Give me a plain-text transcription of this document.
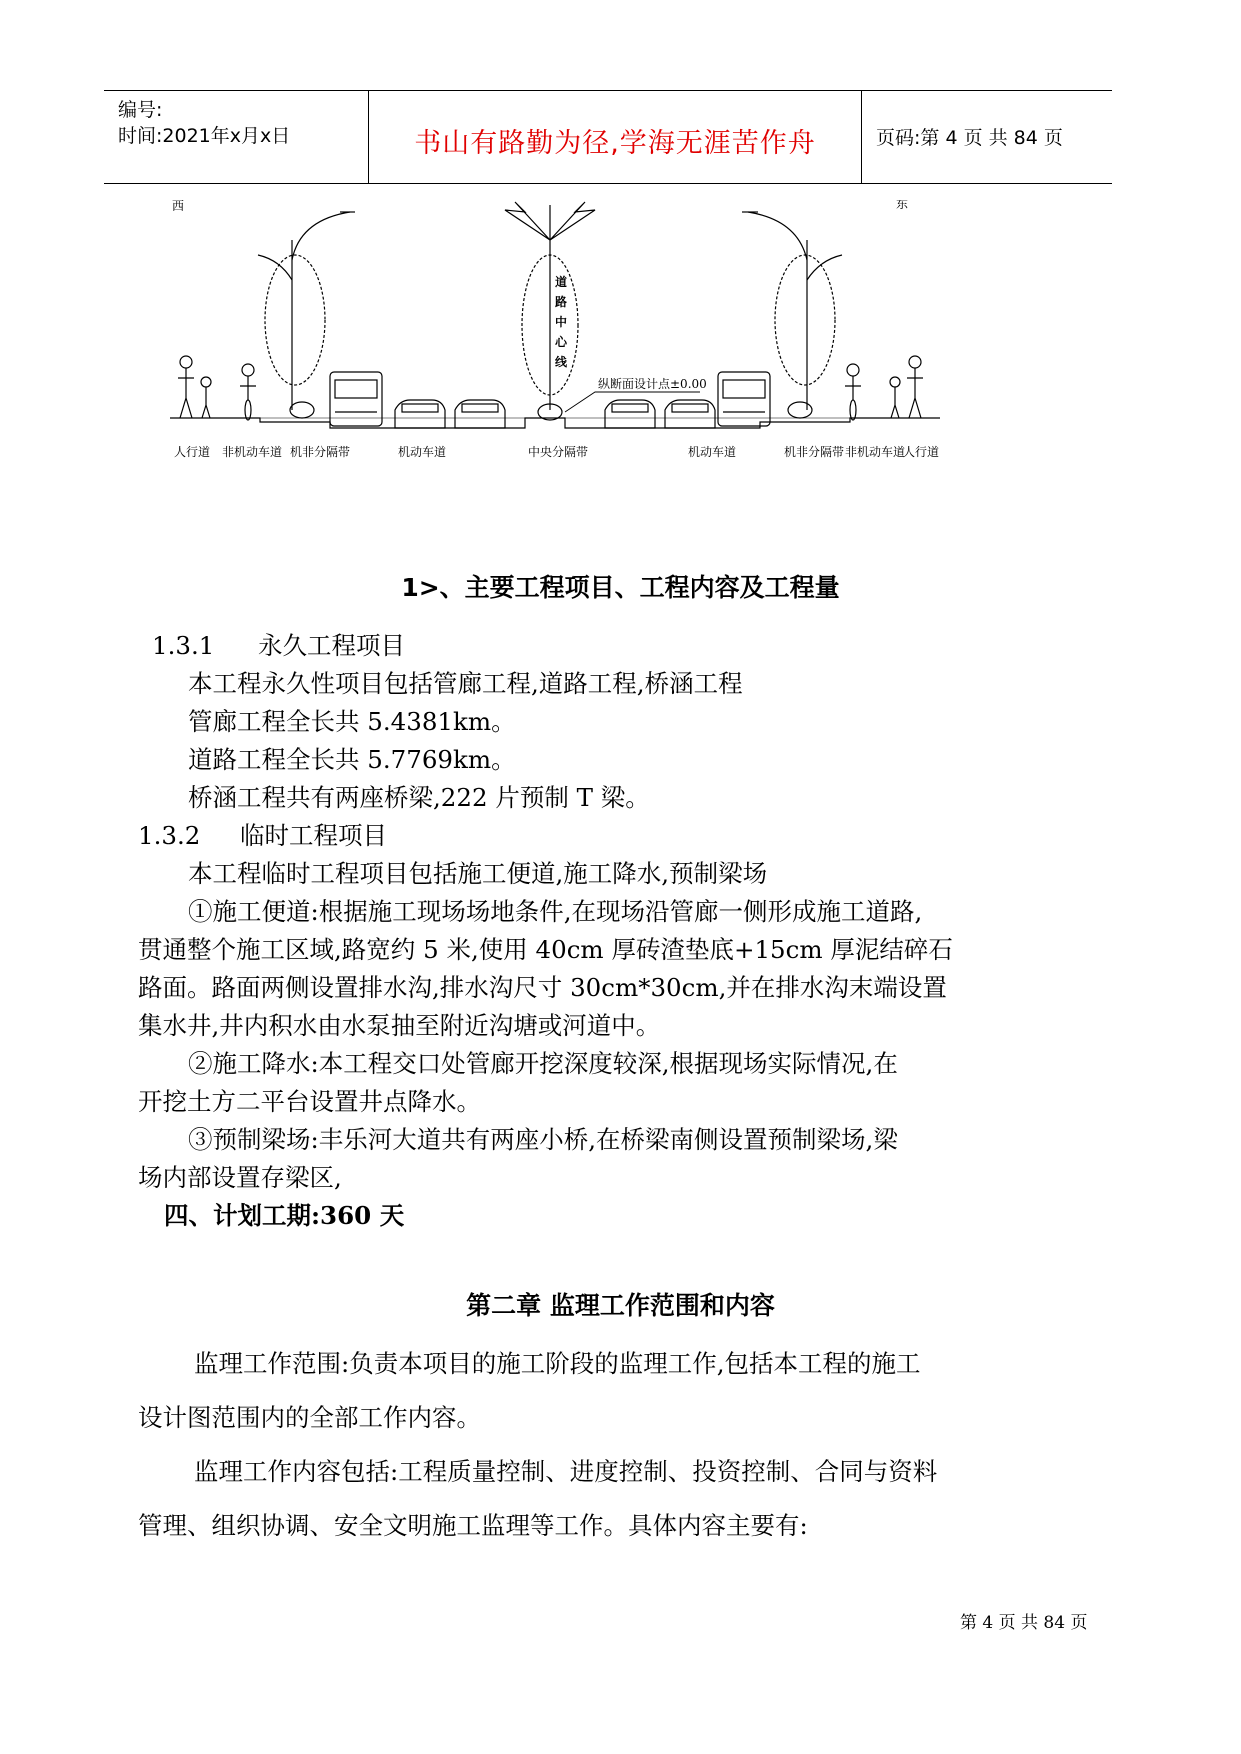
编号:
时间:2021年x月x日	书山有路勤为径,学海无涯苦作舟	页码:第 4 页 共 84 页
西	东
道
路
中
心
线
纵断面设计点±0.00
人行道 非机动车道 机非分隔带	机动车道	中央分隔带	机动车道	机非分隔带 非机动车道
人行道
1>、主要工程项目、工程内容及工程量
1.3.1 永久工程项目
本工程永久性项目包括管廊工程,道路工程,桥涵工程
管廊工程全长共 5.4381km。
道路工程全长共 5.7769km。
桥涵工程共有两座桥梁,222 片预制 T 梁。
1.3.2 临时工程项目
本工程临时工程项目包括施工便道,施工降水,预制梁场
①施工便道:根据施工现场场地条件,在现场沿管廊一侧形成施工道路,
贯通整个施工区域,路宽约 5 米,使用 40cm 厚砖渣垫底+15cm 厚泥结碎石
路面。路面两侧设置排水沟,排水沟尺寸 30cm*30cm,并在排水沟末端设置
集水井,井内积水由水泵抽至附近沟塘或河道中。
②施工降水:本工程交口处管廊开挖深度较深,根据现场实际情况,在
开挖土方二平台设置井点降水。
③预制梁场:丰乐河大道共有两座小桥,在桥梁南侧设置预制梁场,梁
场内部设置存梁区,
四、计划工期:360 天
第二章 监理工作范围和内容
监理工作范围:负责本项目的施工阶段的监理工作,包括本工程的施工
设计图范围内的全部工作内容。
监理工作内容包括:工程质量控制、进度控制、投资控制、合同与资料
管理、组织协调、安全文明施工监理等工作。具体内容主要有:
第 4 页 共 84 页
